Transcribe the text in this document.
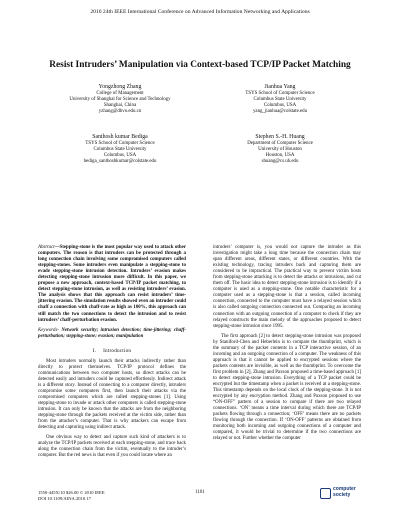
2010 24th IEEE International Conference on Advanced Information Networking and Applications
Resist Intruders’ Manipulation via Context-based TCP/IP Packet Matching
Yongzhong Zhang
College of Management
University of Shanghai for Science and Technology
Shanghai, China
yzhang@dhvo.edu.cn
Jianhua Yang
TSYS School of Computer Science
Columbus State University
Columbus, USA
yang_jianhua@colstate.edu
Santhosh kumar Bediga
TSYS School of Computer Science
Columbus State University
Columbus, USA
bediga_santhoshkumar@colstate.edu
Stephen S.-H. Huang
Department of Computer Science
University of Houston
Houston, USA
shuang@cs.uh.edu

Abstract—Stepping-stone is the most popular way used to attack other computers. The reason is that intruders can be protected through a long connection chain involving some compromised computers called stepping-stones. Some intruders even manipulate a stepping-stone to evade stepping-stone intrusion detection. Intruders’ evasion makes detecting stepping-stone intrusion more difficult. In this paper, we propose a new approach, context-based TCP/IP packet matching, to detect stepping-stone intrusion, as well as resisting intruders’ evasion. The analysis shows that this approach can resist intruders’ time-jittering evasion. The simulation results showed even an intruder could chaff a connection with chaff-rate as high as 100%, this approach can still match the two connections to detect the intrusion and to resist intruders’ chaff-perturbation evasion.

Keywords- Network security; intrusion detection; time-jittering; chaff-perturbation; stepping-stone; evasion; manipulation

I.  Introduction

Most intruders normally launch their attacks indirectly rather than directly to protect themselves. TCP/IP protocol defines the communications between two computer hosts, so direct attacks can be detected easily and intruders could be captured effortlessly. Indirect attack is a different story. Instead of connecting to a computer directly, intruders compromise some computers first, then launch their attacks via the compromised computers which are called stepping-stones [1]. Using stepping-stone to invade or attack other computers is called stepping-stone intrusion. It can only be known that the attacks are from the neighboring stepping-stone through the packets received at the victim side, rather than from the attacker’s computer. That is why attackers can escape from detecting and capturing using indirect attack.

One obvious way to detect and capture such kind of attackers is to analyze the TCP/IP packets received at each stepping-stone, and trace back along the connection chain from the victim, eventually to the intruder’s computer. But the red news is that even if you could locate where an

intruders’ computer is, you would not capture the intruder as this investigation might take a long time because the connection chain may span different areas, different states, or different countries. With the existing technology, tracing intruders back and capturing them are considered to be impractical. The practical way to prevent victim hosts from stepping-stone attacking is to detect the attacks or intrusions, and cut them off. The basic idea to detect stepping-stone intrusion is to identify if a computer is used as a stepping-stone. One notable characteristic for a computer used as a stepping-stone is that a session, called incoming connection, connected to the computer must have a relayed session which is also called outgoing connection connected out. Comparing an incoming connection with an outgoing connection of a computer to check if they are relayed constructs the main melody of the approaches proposed to detect stepping-stone intrusion since 1995.

The first approach [2] to detect stepping-stone intrusion was proposed by Staniford-Chen and Heberlein is to compare the thumbprint, which is the summary of the packet contents in a TCP interactive session, of an incoming and an outgoing connection of a computer. The weakness of this approach is that it cannot be applied to encrypted sessions where the packets contents are invisible, as well as the thumbprint. To overcome the first problem in [2], Zhang and Paxson proposed a time-based approach [1] to detect stepping-stone intrusion. Everything of a TCP packet could be encrypted but the timestamp when a packet is received at a stepping-stone. This timestamp depends on the local clock of the stepping-stone. It is not encrypted by any encryption method. Zhang and Paxson proposed to use “ON-OFF” pattern of a session to compare if there are two relayed connections. ‘ON’ means a time interval during which there are TCP/IP packets flowing through a connection; ‘OFF’ means there are no packets flowing through the connection. If ‘ON-OFF’ patterns are obtained from monitoring both incoming and outgoing connections of a computer and compared, it would be trivial to determine if the two connections are relayed or not. Further whether the computer

1550-445X/10 $26.00 © 2010 IEEE
DOI 10.1109/AINA.2010.17
1101
computer
society
